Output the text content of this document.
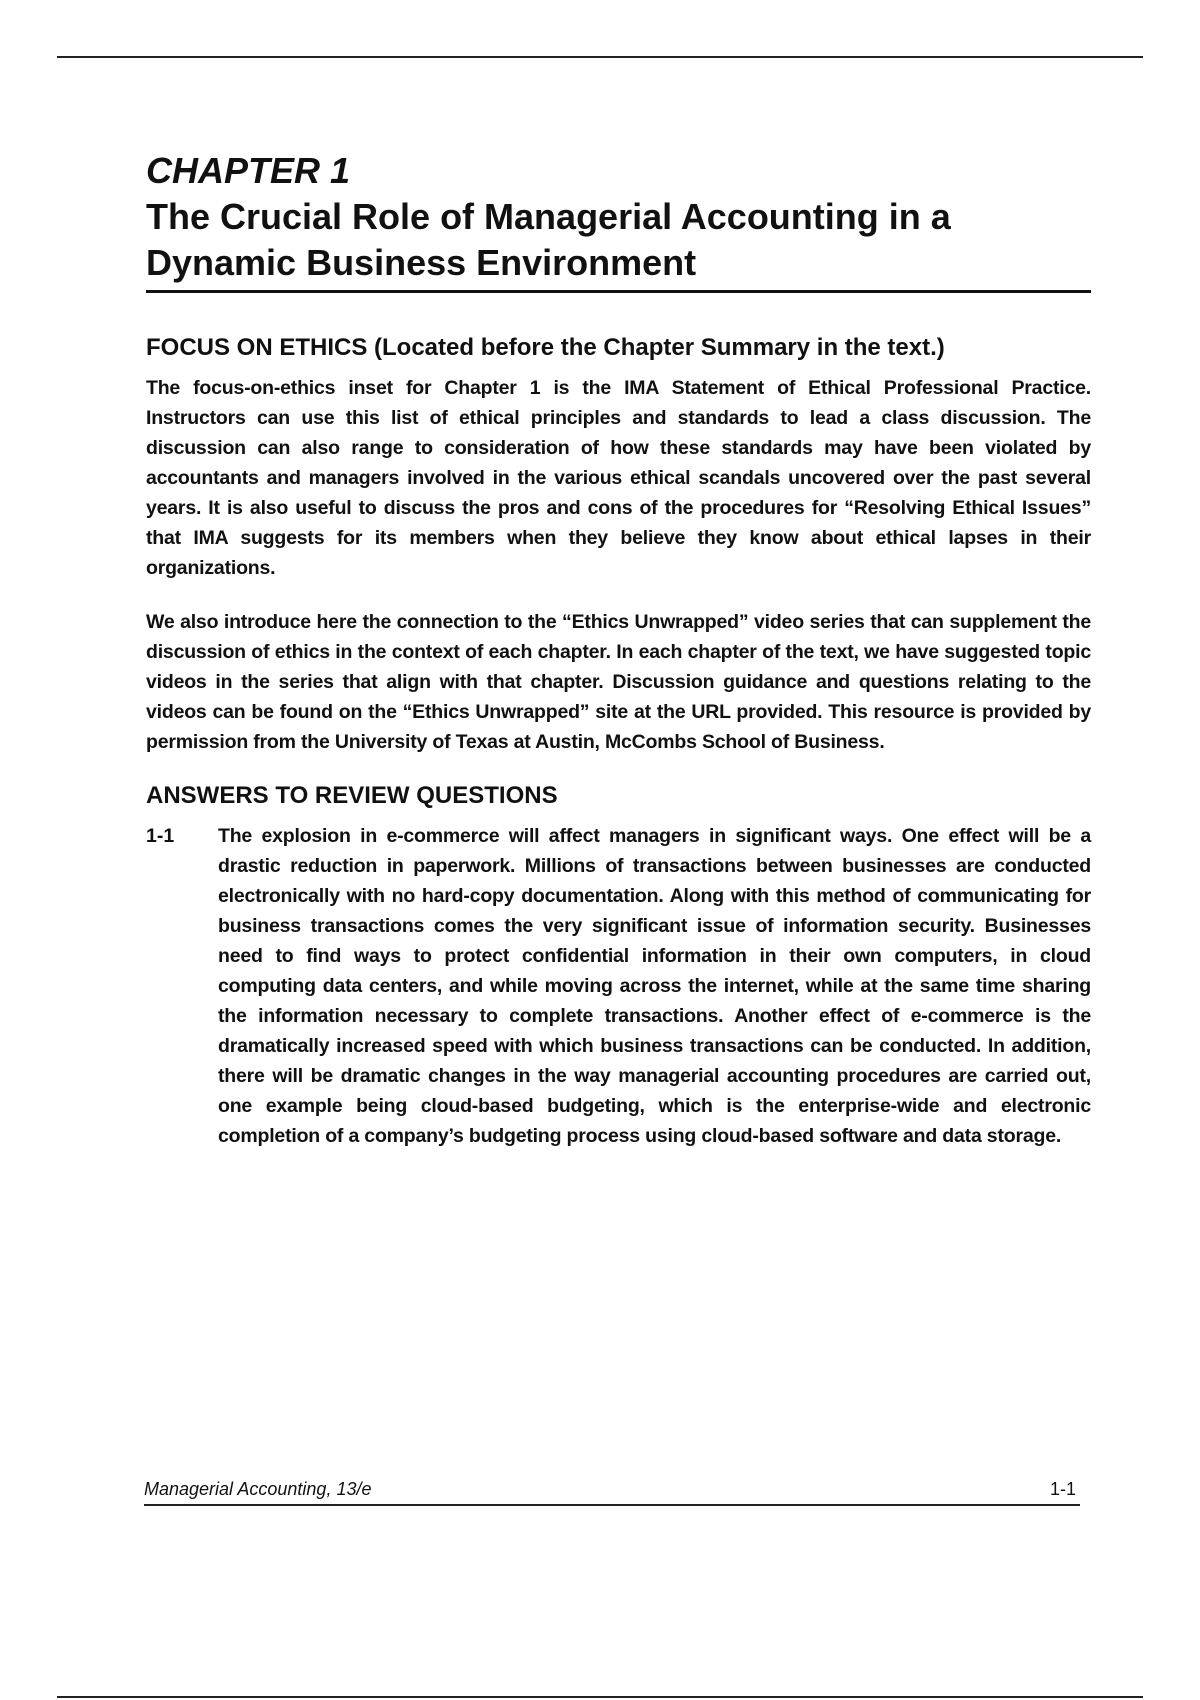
CHAPTER 1
The Crucial Role of Managerial Accounting in a Dynamic Business Environment
FOCUS ON ETHICS (Located before the Chapter Summary in the text.)

The focus-on-ethics inset for Chapter 1 is the IMA Statement of Ethical Professional Practice. Instructors can use this list of ethical principles and standards to lead a class discussion. The discussion can also range to consideration of how these standards may have been violated by accountants and managers involved in the various ethical scandals uncovered over the past several years. It is also useful to discuss the pros and cons of the procedures for “Resolving Ethical Issues” that IMA suggests for its members when they believe they know about ethical lapses in their organizations.

We also introduce here the connection to the “Ethics Unwrapped” video series that can supplement the discussion of ethics in the context of each chapter. In each chapter of the text, we have suggested topic videos in the series that align with that chapter. Discussion guidance and questions relating to the videos can be found on the “Ethics Unwrapped” site at the URL provided. This resource is provided by permission from the University of Texas at Austin, McCombs School of Business.

ANSWERS TO REVIEW QUESTIONS
1-1	The explosion in e-commerce will affect managers in significant ways. One effect will be a drastic reduction in paperwork. Millions of transactions between businesses are conducted electronically with no hard-copy documentation. Along with this method of communicating for business transactions comes the very significant issue of information security. Businesses need to find ways to protect confidential information in their own computers, in cloud computing data centers, and while moving across the internet, while at the same time sharing the information necessary to complete transactions. Another effect of e-commerce is the dramatically increased speed with which business transactions can be conducted. In addition, there will be dramatic changes in the way managerial accounting procedures are carried out, one example being cloud-based budgeting, which is the enterprise-wide and electronic completion of a company’s budgeting process using cloud-based software and data storage.

Managerial Accounting, 13/e	1-1
